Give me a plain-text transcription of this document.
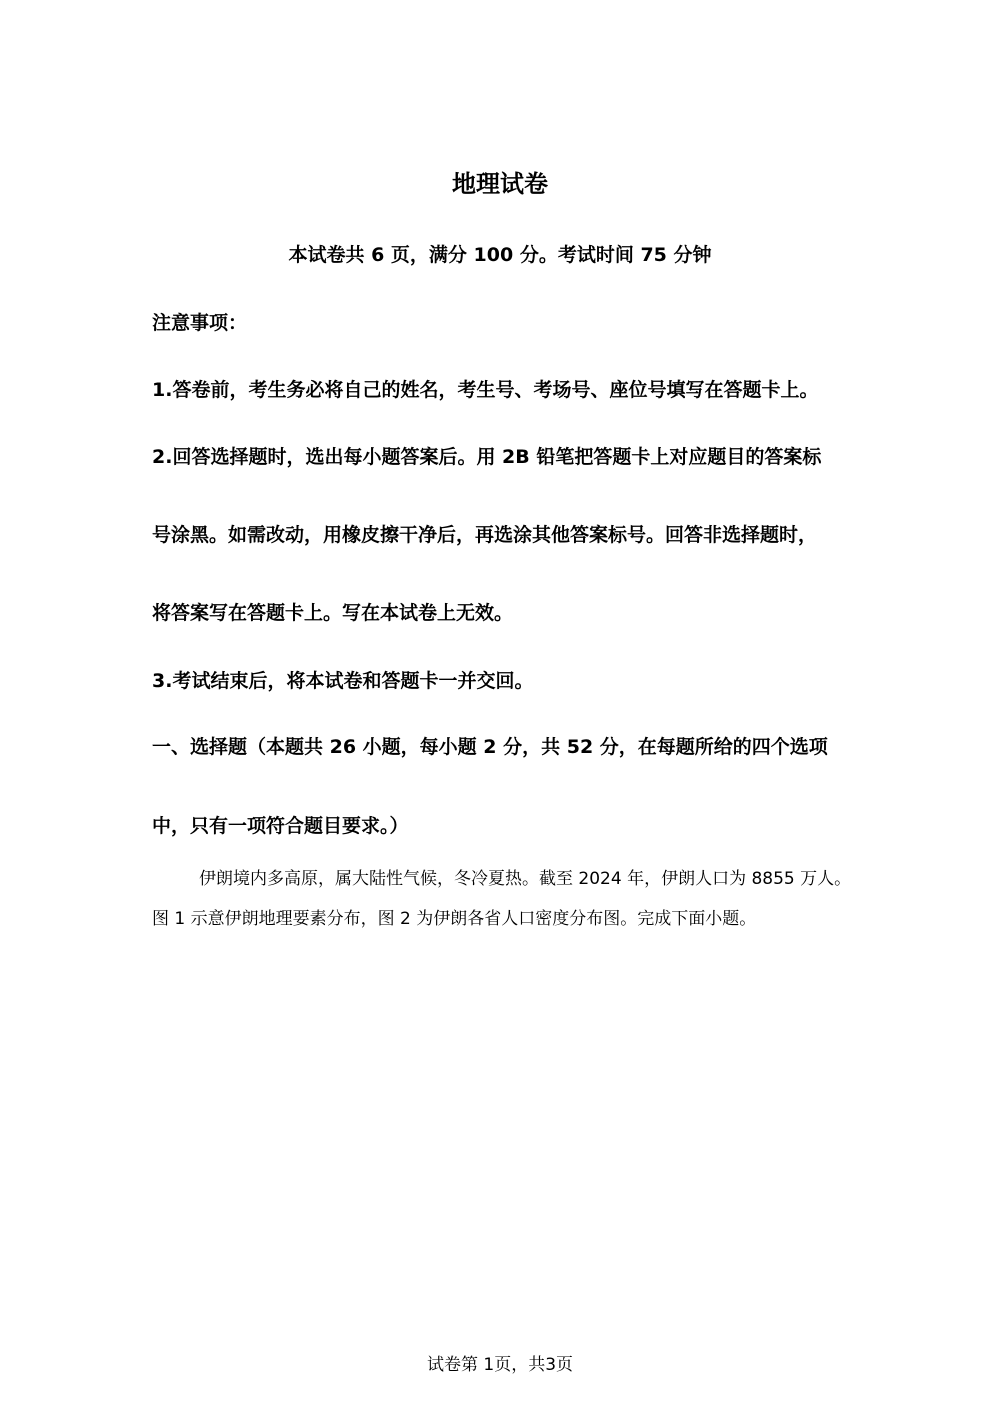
地理试卷
本试卷共 6 页，满分 100 分。考试时间 75 分钟
注意事项：
1.答卷前，考生务必将自己的姓名，考生号、考场号、座位号填写在答题卡上。
2.回答选择题时，选出每小题答案后。用 2B 铅笔把答题卡上对应题目的答案标
号涂黑。如需改动，用橡皮擦干净后，再选涂其他答案标号。回答非选择题时，
将答案写在答题卡上。写在本试卷上无效。
3.考试结束后，将本试卷和答题卡一并交回。
一、选择题（本题共 26 小题，每小题 2 分，共 52 分，在每题所给的四个选项
中，只有一项符合题目要求。）
伊朗境内多高原，属大陆性气候，冬冷夏热。截至 2024 年，伊朗人口为 8855 万人。
图 1 示意伊朗地理要素分布，图 2 为伊朗各省人口密度分布图。完成下面小题。
试卷第 1页，共3页
